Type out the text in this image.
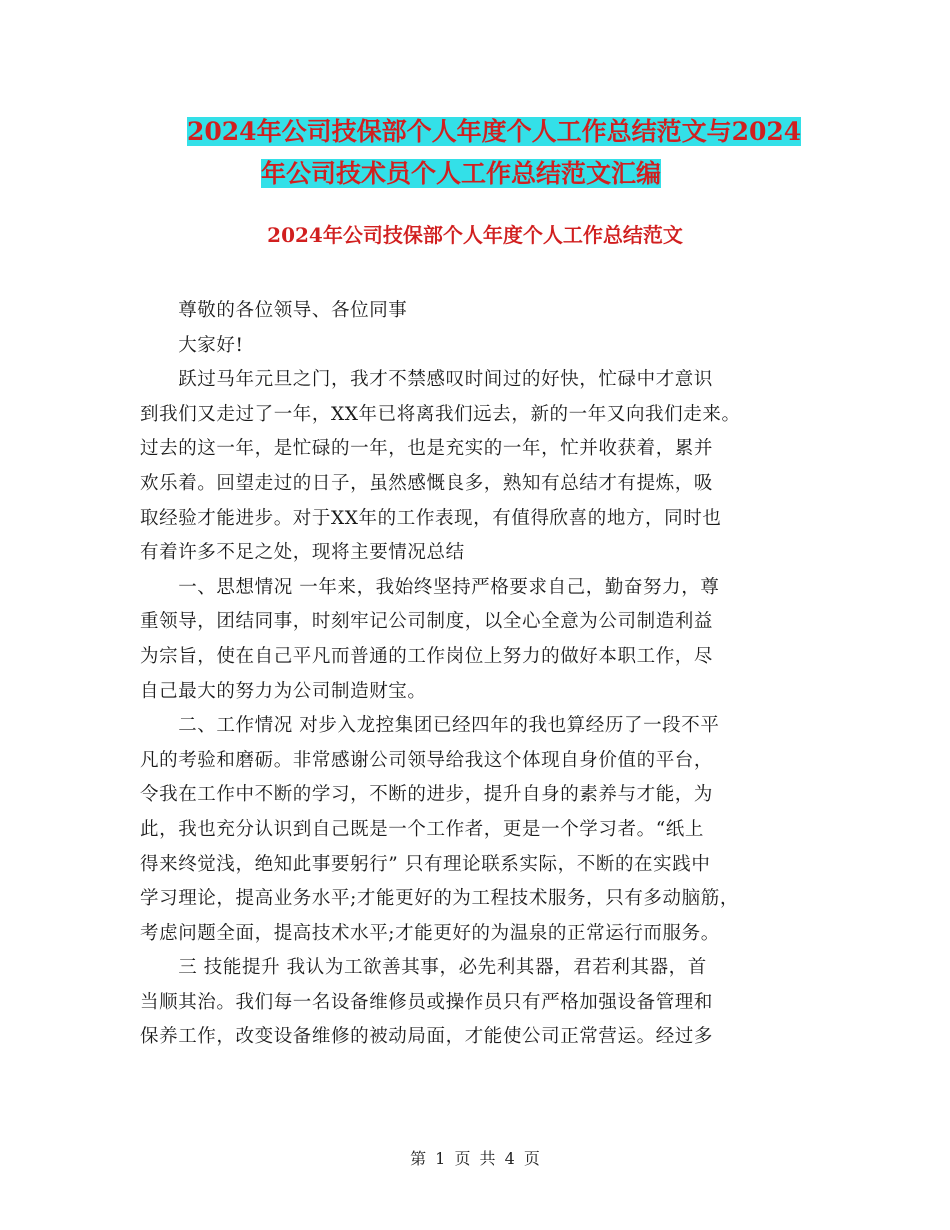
2024年公司技保部个人年度个人工作总结范文与2024
年公司技术员个人工作总结范文汇编
2024年公司技保部个人年度个人工作总结范文
　　尊敬的各位领导、各位同事
　　大家好!
　　跃过马年元旦之门，我才不禁感叹时间过的好快，忙碌中才意识
到我们又走过了一年，XX年已将离我们远去，新的一年又向我们走来。
过去的这一年，是忙碌的一年，也是充实的一年，忙并收获着，累并
欢乐着。回望走过的日子，虽然感慨良多，熟知有总结才有提炼，吸
取经验才能进步。对于XX年的工作表现，有值得欣喜的地方，同时也
有着许多不足之处，现将主要情况总结
　　一、思想情况 一年来，我始终坚持严格要求自己，勤奋努力，尊
重领导，团结同事，时刻牢记公司制度，以全心全意为公司制造利益
为宗旨，使在自己平凡而普通的工作岗位上努力的做好本职工作，尽
自己最大的努力为公司制造财宝。
　　二、工作情况 对步入龙控集团已经四年的我也算经历了一段不平
凡的考验和磨砺。非常感谢公司领导给我这个体现自身价值的平台，
令我在工作中不断的学习，不断的进步，提升自身的素养与才能，为
此，我也充分认识到自己既是一个工作者，更是一个学习者。“纸上
得来终觉浅，绝知此事要躬行” 只有理论联系实际，不断的在实践中
学习理论，提高业务水平;才能更好的为工程技术服务，只有多动脑筋，
考虑问题全面，提高技术水平;才能更好的为温泉的正常运行而服务。
　　三 技能提升 我认为工欲善其事，必先利其器，君若利其器，首
当顺其治。我们每一名设备维修员或操作员只有严格加强设备管理和
保养工作，改变设备维修的被动局面，才能使公司正常营运。经过多
第 1 页 共 4 页
